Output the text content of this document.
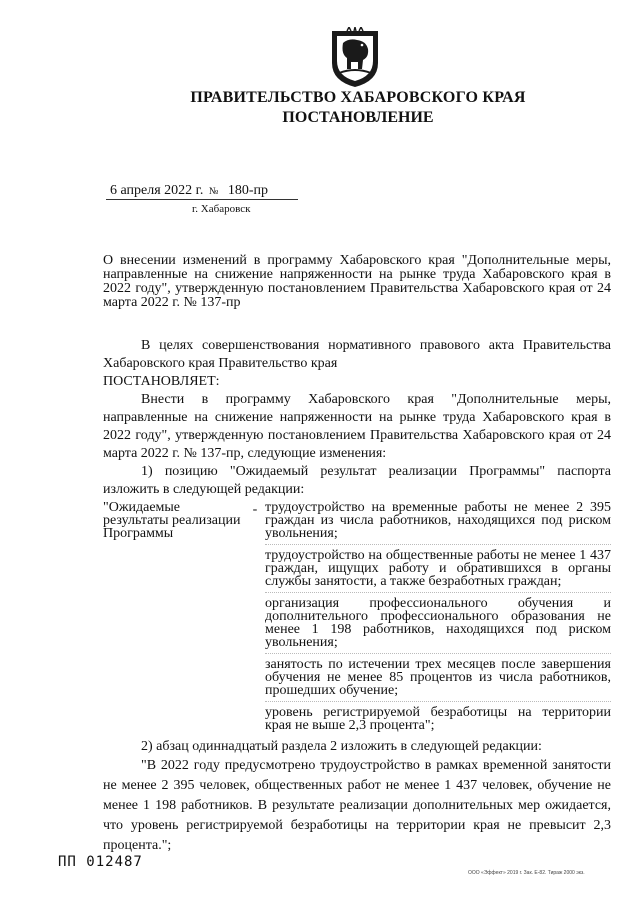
ПРАВИТЕЛЬСТВО ХАБАРОВСКОГО КРАЯ
ПОСТАНОВЛЕНИЕ
6 апреля 2022 г. № 180-пр
г. Хабаровск
О внесении изменений в программу Хабаровского края "Дополнительные меры, направленные на снижение напряженности на рынке труда Хабаровского края в 2022 году", утвержденную постановлением Правительства Хабаровского края от 24 марта 2022 г. № 137-пр

В целях совершенствования нормативного правового акта Правительства Хабаровского края Правительство края

ПОСТАНОВЛЯЕТ:

Внести в программу Хабаровского края "Дополнительные меры, направленные на снижение напряженности на рынке труда Хабаровского края в 2022 году", утвержденную постановлением Правительства Хабаровского края от 24 марта 2022 г. № 137-пр, следующие изменения:

1) позицию "Ожидаемый результат реализации Программы" паспорта изложить в следующей редакции:

"Ожидаемые результаты реализации Программы
- трудоустройство на временные работы не менее 2 395 граждан из числа работников, находящихся под риском увольнения;

трудоустройство на общественные работы не менее 1 437 граждан, ищущих работу и обратившихся в органы службы занятости, а также безработных граждан;

организация профессионального обучения и дополнительного профессионального образования не менее 1 198 работников, находящихся под риском увольнения;

занятость по истечении трех месяцев после завершения обучения не менее 85 процентов из числа работников, прошедших обучение;

уровень регистрируемой безработицы на территории края не выше 2,3 процента";

2) абзац одиннадцатый раздела 2 изложить в следующей редакции:

"В 2022 году предусмотрено трудоустройство в рамках временной занятости не менее 2 395 человек, общественных работ не менее 1 437 человек, обучение не менее 1 198 работников. В результате реализации дополнительных мер ожидается, что уровень регистрируемой безработицы на территории края не превысит 2,3 процента.";

ПП 012487
ООО «Эффект» 2019 г. Зак. Е-82. Тираж 2000 экз.
